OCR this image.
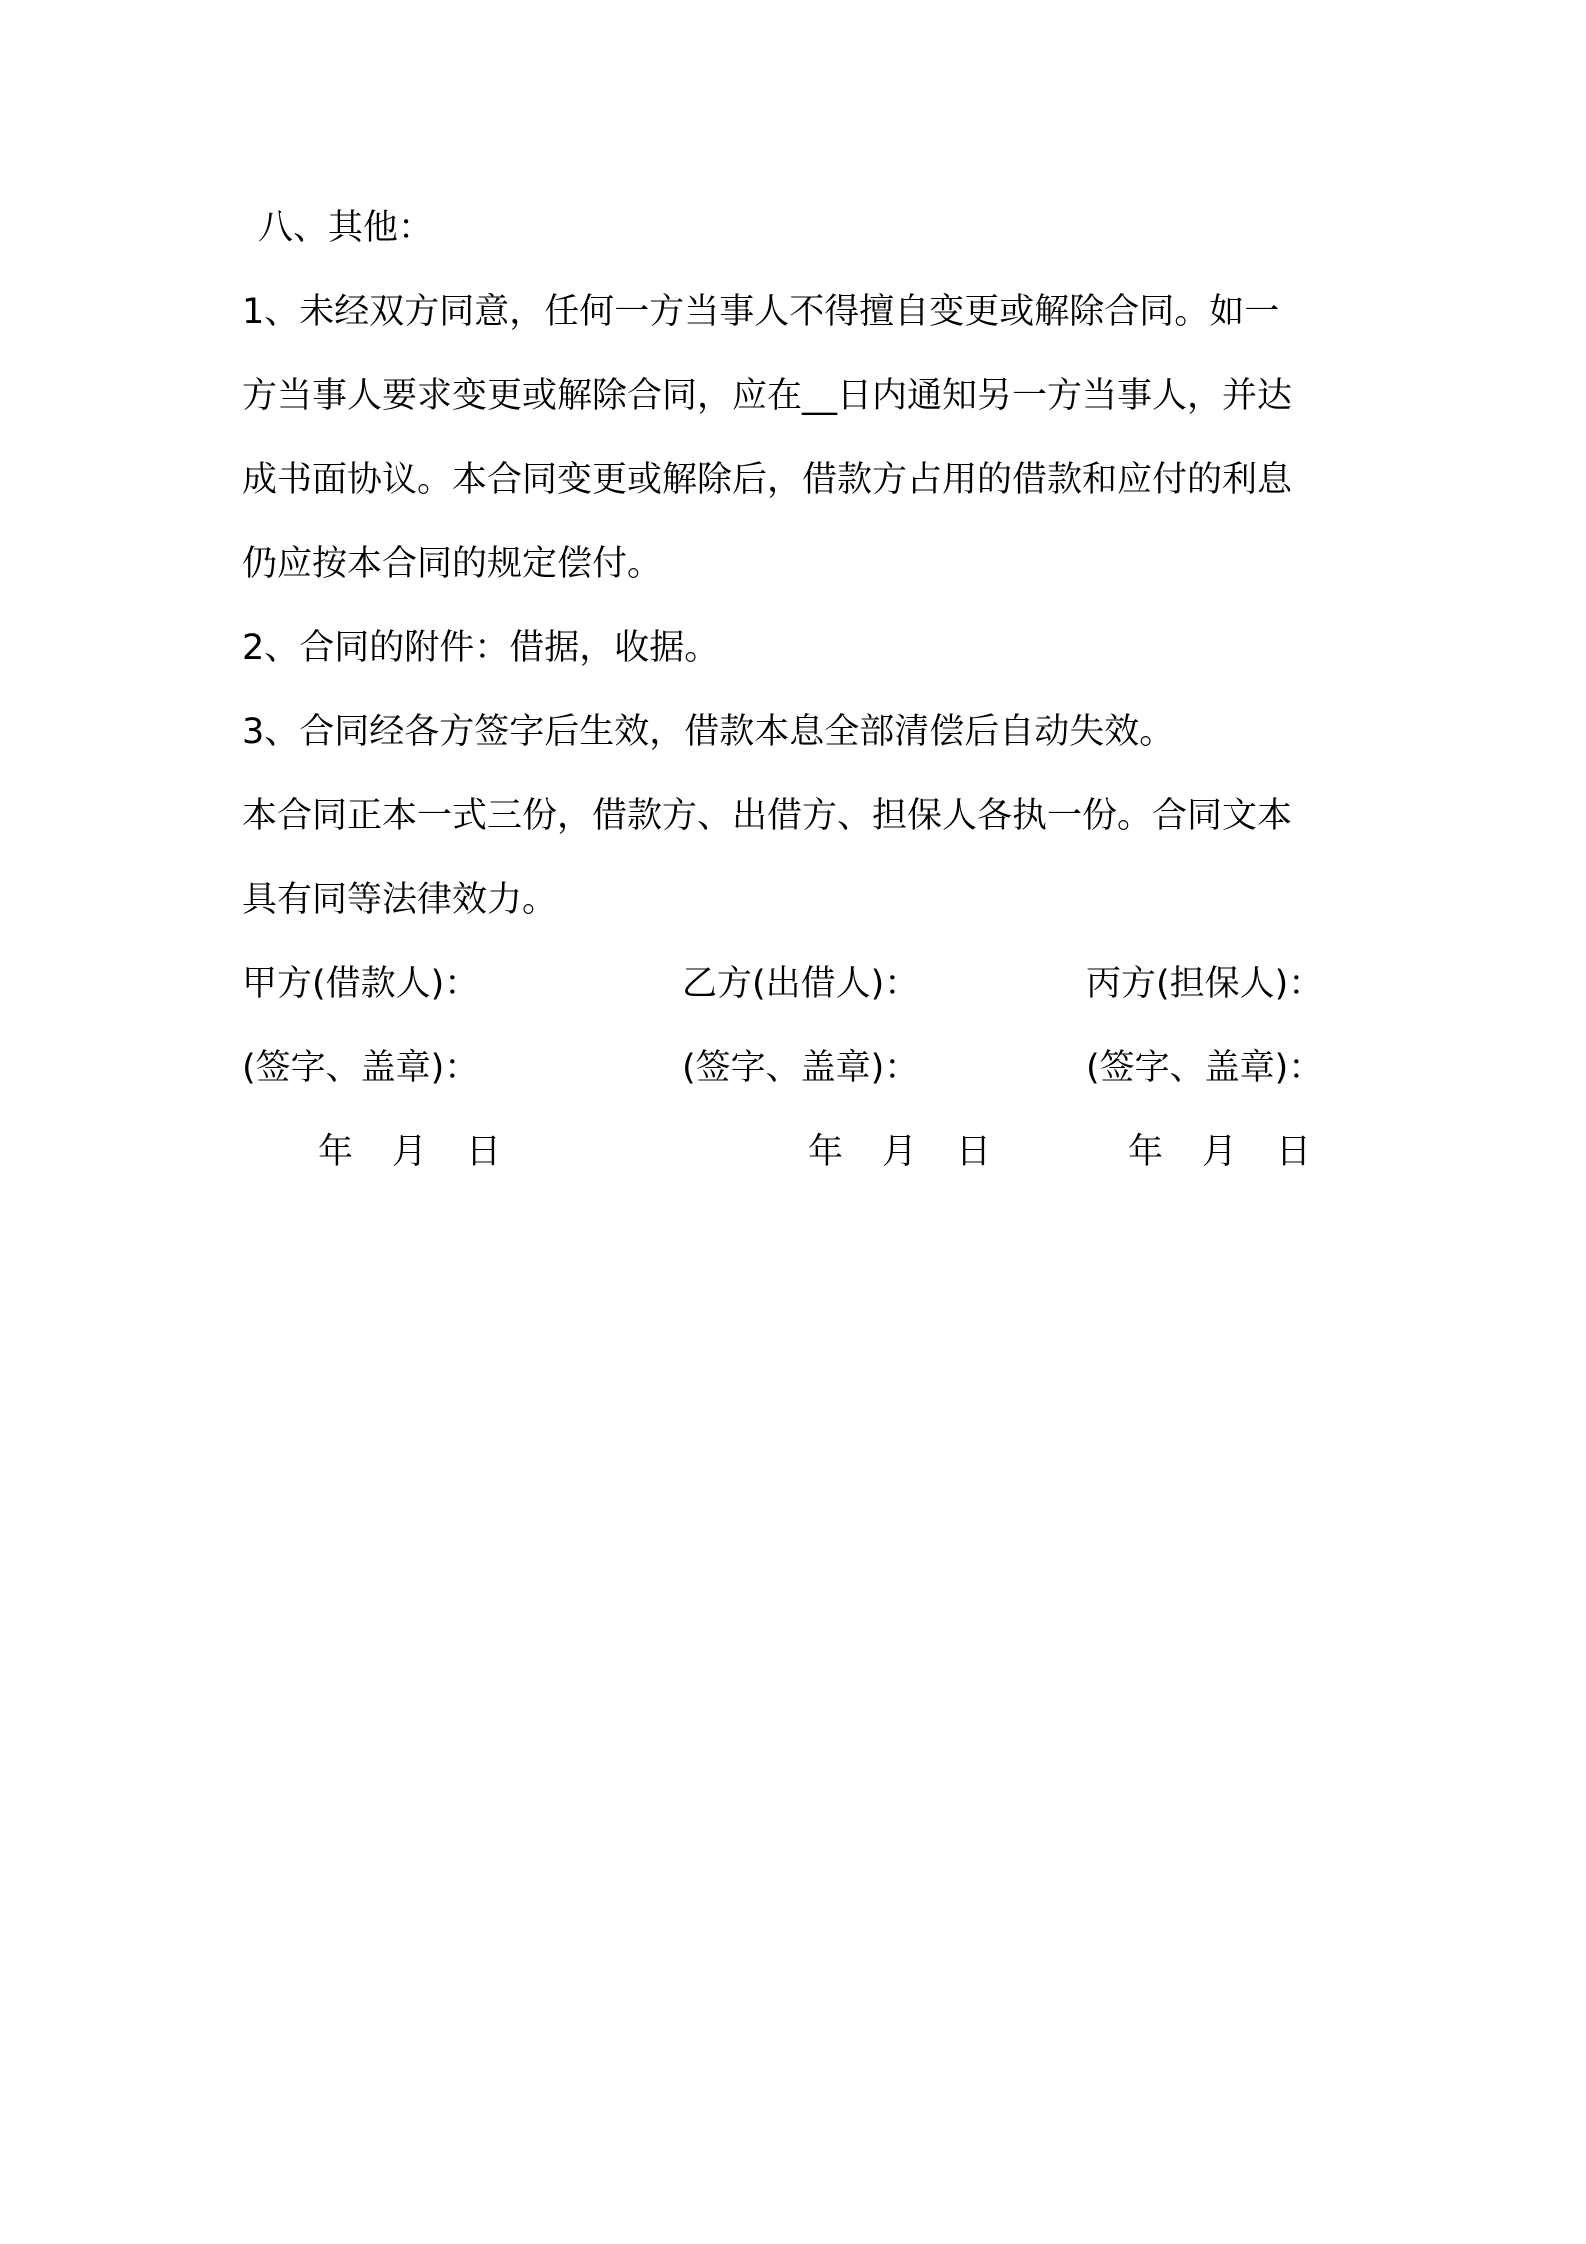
八、其他：
1、未经双方同意，任何一方当事人不得擅自变更或解除合同。如一
方当事人要求变更或解除合同，应在__日内通知另一方当事人，并达
成书面协议。本合同变更或解除后，借款方占用的借款和应付的利息
仍应按本合同的规定偿付。
2、合同的附件：借据，收据。
3、合同经各方签字后生效，借款本息全部清偿后自动失效。
本合同正本一式三份，借款方、出借方、担保人各执一份。合同文本
具有同等法律效力。
甲方(借款人)：	乙方(出借人)：	丙方(担保人)：
(签字、盖章)：	(签字、盖章)：	(签字、盖章)：
年 月 日	年 月 日	年 月 日
